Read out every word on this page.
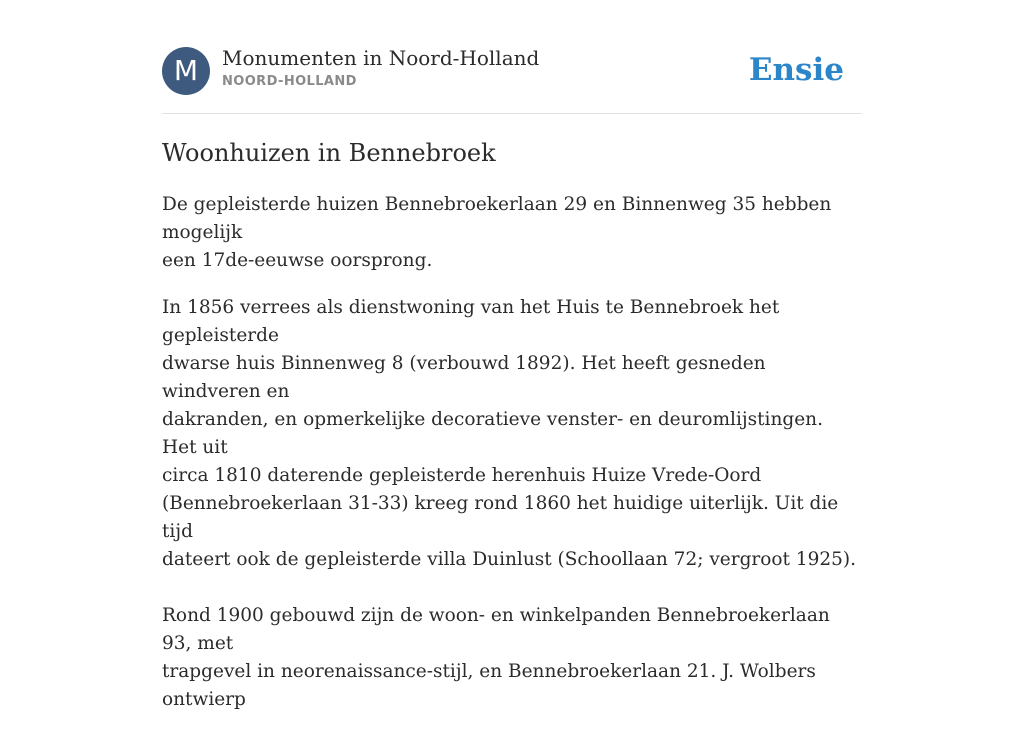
M	Monumenten in Noord-Holland
NOORD-HOLLAND	Ensie
Woonhuizen in Bennebroek

De gepleisterde huizen Bennebroekerlaan 29 en Binnenweg 35 hebben mogelijk
een 17de-eeuwse oorsprong.

In 1856 verrees als dienstwoning van het Huis te Bennebroek het gepleisterde
dwarse huis Binnenweg 8 (verbouwd 1892). Het heeft gesneden windveren en
dakranden, en opmerkelijke decoratieve venster- en deuromlijstingen. Het uit
circa 1810 daterende gepleisterde herenhuis Huize Vrede-Oord
(Bennebroekerlaan 31-33) kreeg rond 1860 het huidige uiterlijk. Uit die tijd
dateert ook de gepleisterde villa Duinlust (Schoollaan 72; vergroot 1925).

Rond 1900 gebouwd zijn de woon- en winkelpanden Bennebroekerlaan 93, met
trapgevel in neorenaissance-stijl, en Bennebroekerlaan 21. J. Wolbers ontwierp
